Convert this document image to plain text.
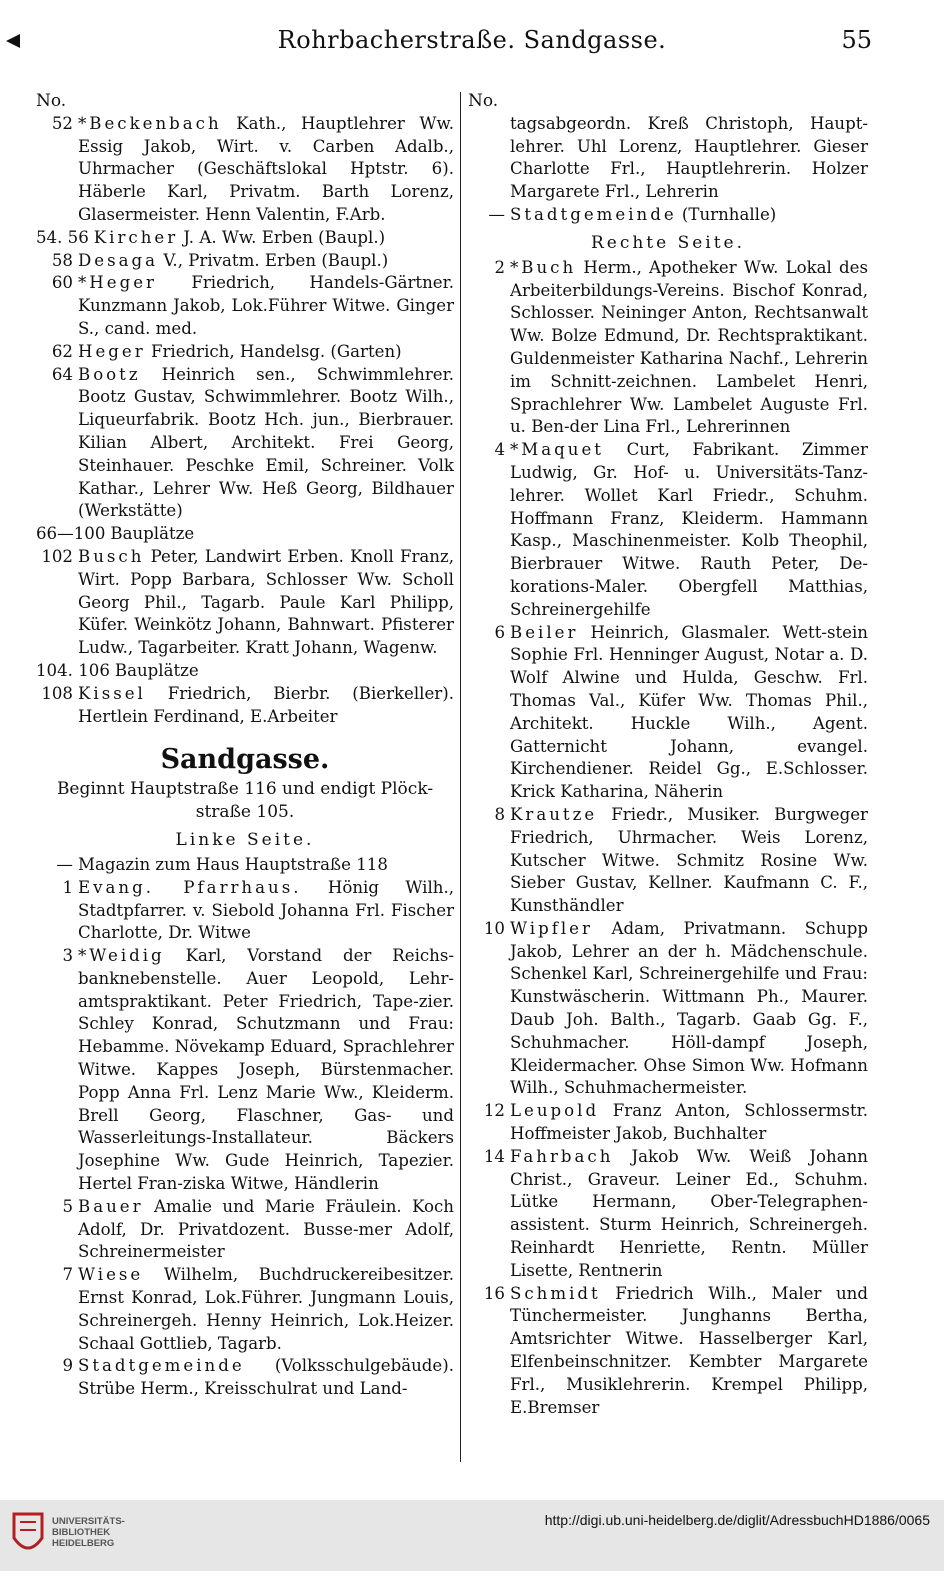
Rohrbacherstraße. Sandgasse.	55
No.
52 *Beckenbach Kath., Hauptlehrer Ww. Essig Jakob, Wirt. v. Carben Adalb., Uhrmacher (Geschäftslokal Hptstr. 6). Häberle Karl, Privatm. Barth Lorenz, Glasermeister. Henn Valentin, F.Arb.
54. 56 Kircher J. A. Ww. Erben (Baupl.)
58 Desaga V., Privatm. Erben (Baupl.)
60 *Heger Friedrich, Handels-Gärtner. Kunzmann Jakob, Lok.Führer Witwe. Ginger S., cand. med.
62 Heger Friedrich, Handelsg. (Garten)
64 Bootz Heinrich sen., Schwimmlehrer. Bootz Gustav, Schwimmlehrer. Bootz Wilh., Liqueurfabrik. Bootz Hch. jun., Bierbrauer. Kilian Albert, Architekt. Frei Georg, Steinhauer. Peschke Emil, Schreiner. Volk Kathar., Lehrer Ww. Heß Georg, Bildhauer (Werkstätte)
66—100 Bauplätze
102 Busch Peter, Landwirt Erben. Knoll Franz, Wirt. Popp Barbara, Schlosser Ww. Scholl Georg Phil., Tagarb. Paule Karl Philipp, Küfer. Weinkötz Johann, Bahnwart. Pfisterer Ludw., Tagarbeiter. Kratt Johann, Wagenw.
104. 106 Bauplätze
108 Kissel Friedrich, Bierbr. (Bierkeller). Hertlein Ferdinand, E.Arbeiter
Sandgasse.
Beginnt Hauptstraße 116 und endigt Plöck-straße 105.
Linke Seite.
— Magazin zum Haus Hauptstraße 118
1 Evang. Pfarrhaus. Hönig Wilh., Stadtpfarrer. v. Siebold Johanna Frl. Fischer Charlotte, Dr. Witwe
3 *Weidig Karl, Vorstand der Reichs-banknebenstelle. Auer Leopold, Lehr-amtspraktikant. Peter Friedrich, Tape-zier. Schley Konrad, Schutzmann und Frau: Hebamme. Növekamp Eduard, Sprachlehrer Witwe. Kappes Joseph, Bürstenmacher. Popp Anna Frl. Lenz Marie Ww., Kleiderm. Brell Georg, Flaschner, Gas- und Wasserleitungs-Installateur. Bäckers Josephine Ww. Gude Heinrich, Tapezier. Hertel Fran-ziska Witwe, Händlerin
5 Bauer Amalie und Marie Fräulein. Koch Adolf, Dr. Privatdozent. Busse-mer Adolf, Schreinermeister
7 Wiese Wilhelm, Buchdruckereibesitzer. Ernst Konrad, Lok.Führer. Jungmann Louis, Schreinergeh. Henny Heinrich, Lok.Heizer. Schaal Gottlieb, Tagarb.
9 Stadtgemeinde (Volksschulgebäude). Strübe Herm., Kreisschulrat und Land-
No.
tagsabgeordn. Kreß Christoph, Haupt-lehrer. Uhl Lorenz, Hauptlehrer. Gieser Charlotte Frl., Hauptlehrerin. Holzer Margarete Frl., Lehrerin
— Stadtgemeinde (Turnhalle)
Rechte Seite.
2 *Buch Herm., Apotheker Ww. Lokal des Arbeiterbildungs-Vereins. Bischof Konrad, Schlosser. Neininger Anton, Rechtsanwalt Ww. Bolze Edmund, Dr. Rechtspraktikant. Guldenmeister Katharina Nachf., Lehrerin im Schnitt-zeichnen. Lambelet Henri, Sprachlehrer Ww. Lambelet Auguste Frl. u. Ben-der Lina Frl., Lehrerinnen
4 *Maquet Curt, Fabrikant. Zimmer Ludwig, Gr. Hof- u. Universitäts-Tanz-lehrer. Wollet Karl Friedr., Schuhm. Hoffmann Franz, Kleiderm. Hammann Kasp., Maschinenmeister. Kolb Theophil, Bierbrauer Witwe. Rauth Peter, De-korations-Maler. Obergfell Matthias, Schreinergehilfe
6 Beiler Heinrich, Glasmaler. Wett-stein Sophie Frl. Henninger August, Notar a. D. Wolf Alwine und Hulda, Geschw. Frl. Thomas Val., Küfer Ww. Thomas Phil., Architekt. Huckle Wilh., Agent. Gatternicht Johann, evangel. Kirchendiener. Reidel Gg., E.Schlosser. Krick Katharina, Näherin
8 Krautze Friedr., Musiker. Burgweger Friedrich, Uhrmacher. Weis Lorenz, Kutscher Witwe. Schmitz Rosine Ww. Sieber Gustav, Kellner. Kaufmann C. F., Kunsthändler
10 Wipfler Adam, Privatmann. Schupp Jakob, Lehrer an der h. Mädchenschule. Schenkel Karl, Schreinergehilfe und Frau: Kunstwäscherin. Wittmann Ph., Maurer. Daub Joh. Balth., Tagarb. Gaab Gg. F., Schuhmacher. Höll-dampf Joseph, Kleidermacher. Ohse Simon Ww. Hofmann Wilh., Schuhmachermeister.
12 Leupold Franz Anton, Schlossermstr. Hoffmeister Jakob, Buchhalter
14 Fahrbach Jakob Ww. Weiß Johann Christ., Graveur. Leiner Ed., Schuhm. Lütke Hermann, Ober-Telegraphen-assistent. Sturm Heinrich, Schreinergeh. Reinhardt Henriette, Rentn. Müller Lisette, Rentnerin
16 Schmidt Friedrich Wilh., Maler und Tünchermeister. Junghanns Bertha, Amtsrichter Witwe. Hasselberger Karl, Elfenbeinschnitzer. Kembter Margarete Frl., Musiklehrerin. Krempel Philipp, E.Bremser
UNIVERSITÄTS-
BIBLIOTHEK
HEIDELBERG
http://digi.ub.uni-heidelberg.de/diglit/AdressbuchHD1886/0065
